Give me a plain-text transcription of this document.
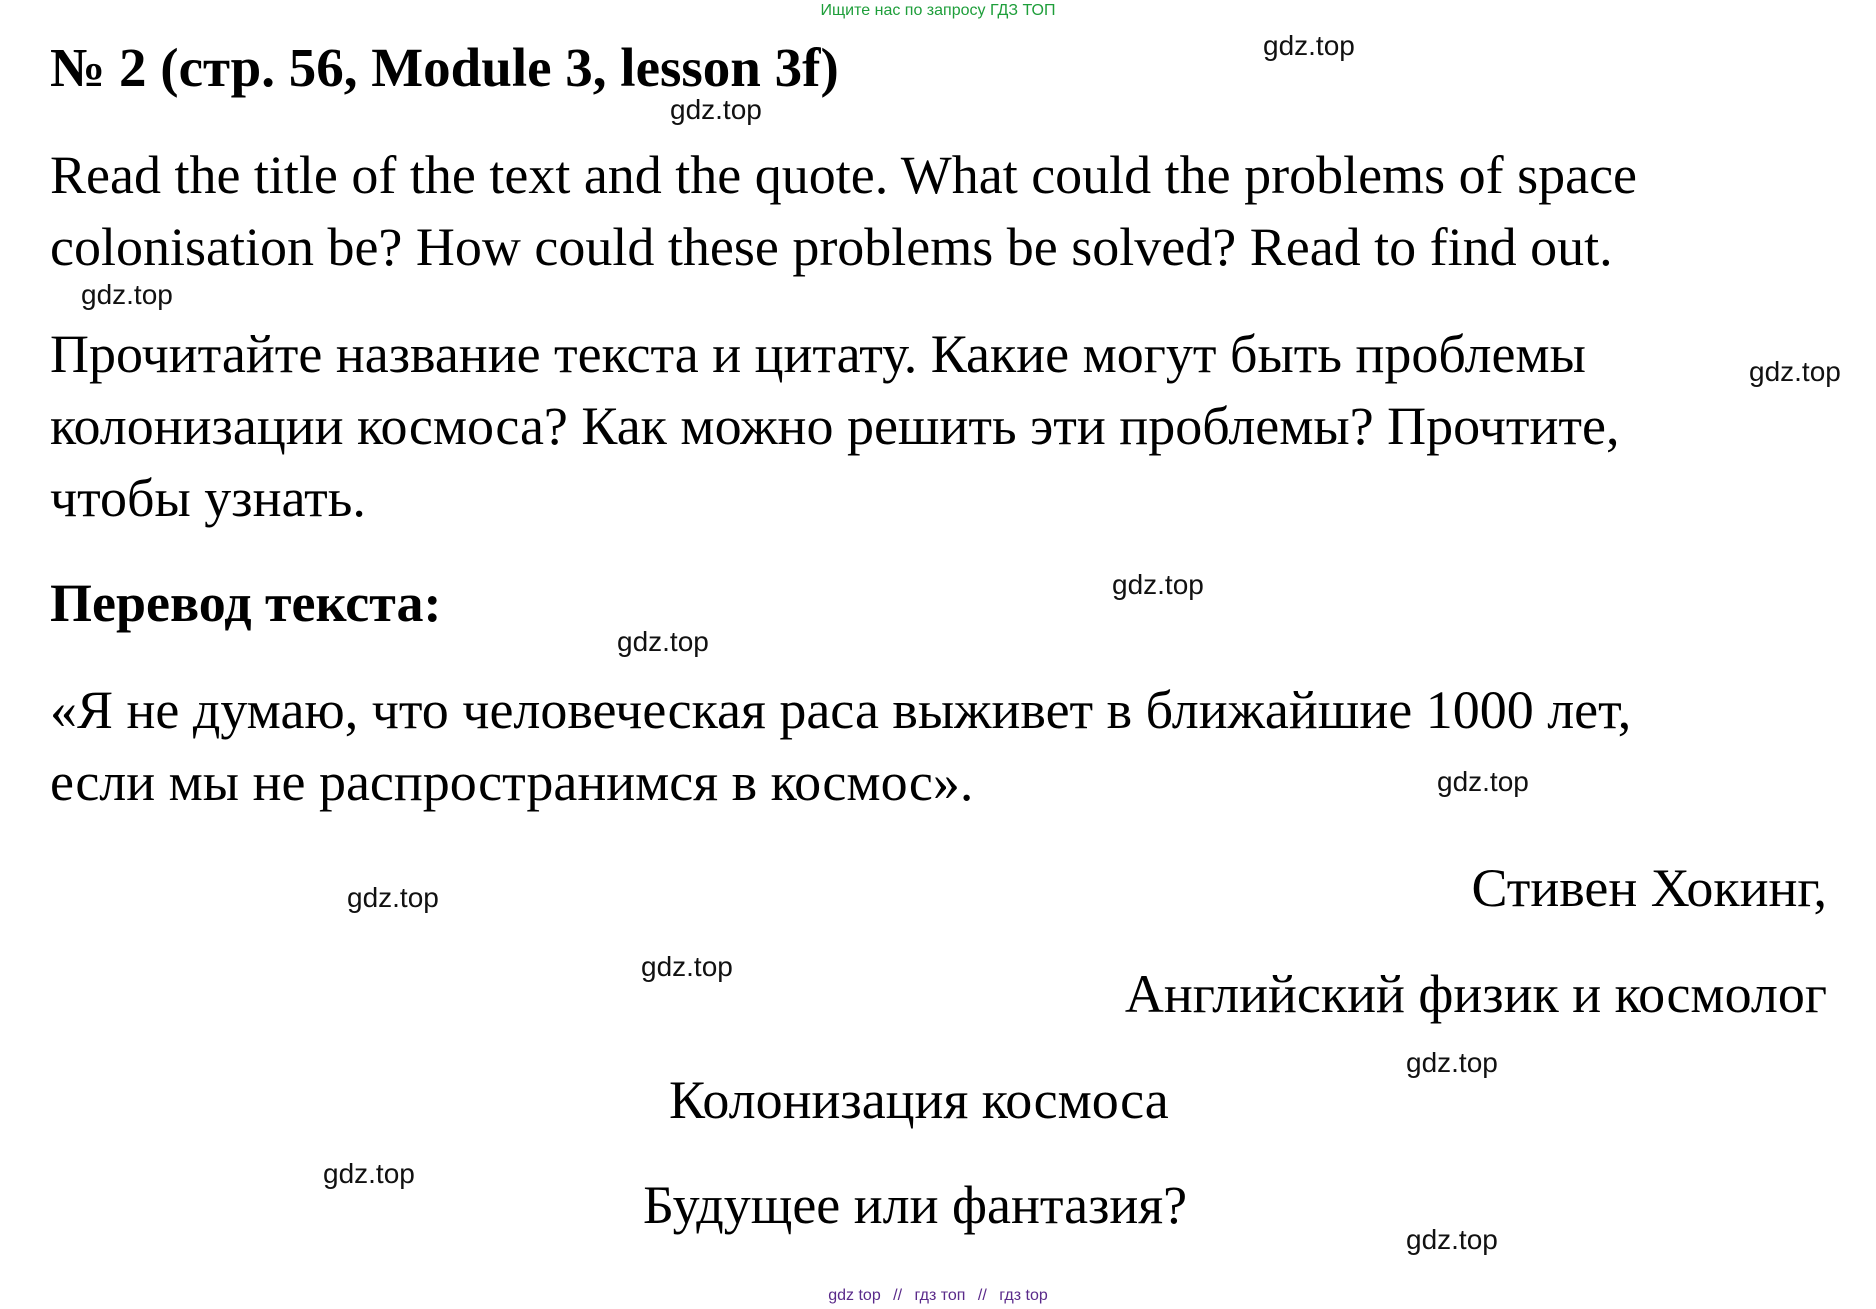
Ищите нас по запросу ГДЗ ТОП
№ 2 (стр. 56, Module 3, lesson 3f)
Read the title of the text and the quote. What could the problems of space
colonisation be? How could these problems be solved? Read to find out.
Прочитайте название текста и цитату. Какие могут быть проблемы
колонизации космоса? Как можно решить эти проблемы? Прочтите,
чтобы узнать.
Перевод текста:
«Я не думаю, что человеческая раса выживет в ближайшие 1000 лет,
если мы не распространимся в космос».
Стивен Хокинг,
Английский физик и космолог
Колонизация космоса
Будущее или фантазия?
gdz.top
gdz.top
gdz.top
gdz.top
gdz.top
gdz.top
gdz.top
gdz.top
gdz.top
gdz.top
gdz.top
gdz.top
gdz top // гдз топ // гдз top
